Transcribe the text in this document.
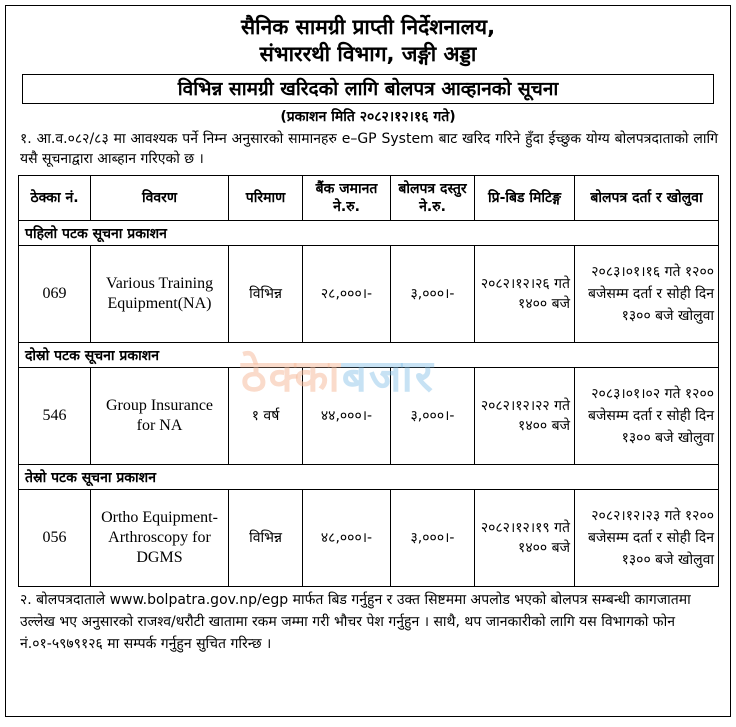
सैनिक सामग्री प्राप्ती निर्देशनालय,
संभाररथी विभाग, जङ्गी अड्डा
विभिन्न सामग्री खरिदको लागि बोलपत्र आव्हानको सूचना
(प्रकाशन मिति २०८२।१२।१६ गते)
१. आ.व.०८२/८३ मा आवश्यक पर्ने निम्न अनुसारको सामानहरु e–GP System बाट खरिद गरिने हुँदा ईच्छुक योग्य बोलपत्रदाताको लागि यसै सूचनाद्वारा आब्हान गरिएको छ ।
ठेक्का नं.	विवरण	परिमाण	बैंक जमानत ने.रु.	बोलपत्र दस्तुर ने.रु.	प्रि-बिड मिटिङ्ग	बोलपत्र दर्ता र खोलुवा
पहिलो पटक सूचना प्रकाशन						
069	Various Training Equipment(NA)	विभिन्न	२८,०००।-	३,०००।-	२०८२।१२।२६ गते १४०० बजे	२०८३।०१।१६ गते १२०० बजेसम्म दर्ता र सोही दिन १३०० बजे खोलुवा
दोस्रो पटक सूचना प्रकाशन						
546	Group Insurance for NA	१ वर्ष	४४,०००।-	३,०००।-	२०८२।१२।२२ गते १४०० बजे	२०८३।०१।०२ गते १२०० बजेसम्म दर्ता र सोही दिन १३०० बजे खोलुवा
तेस्रो पटक सूचना प्रकाशन						
056	Ortho Equipment-Arthroscopy for DGMS	विभिन्न	४८,०००।-	३,०००।-	२०८२।१२।१९ गते १४०० बजे	२०८२।१२।२३ गते १२०० बजेसम्म दर्ता र सोही दिन १३०० बजे खोलुवा
२. बोलपत्रदाताले www.bolpatra.gov.np/egp मार्फत बिड गर्नुहुन र उक्त सिष्टममा अपलोड भएको बोलपत्र सम्बन्धी कागजातमा उल्लेख भए अनुसारको राजश्व/धरौटी खातामा रकम जम्मा गरी भौचर पेश गर्नुहुन । साथै, थप जानकारीको लागि यस विभागको फोन नं.०१-५९७९१२६ मा सम्पर्क गर्नुहुन सुचित गरिन्छ ।
ठेक्काबजार
